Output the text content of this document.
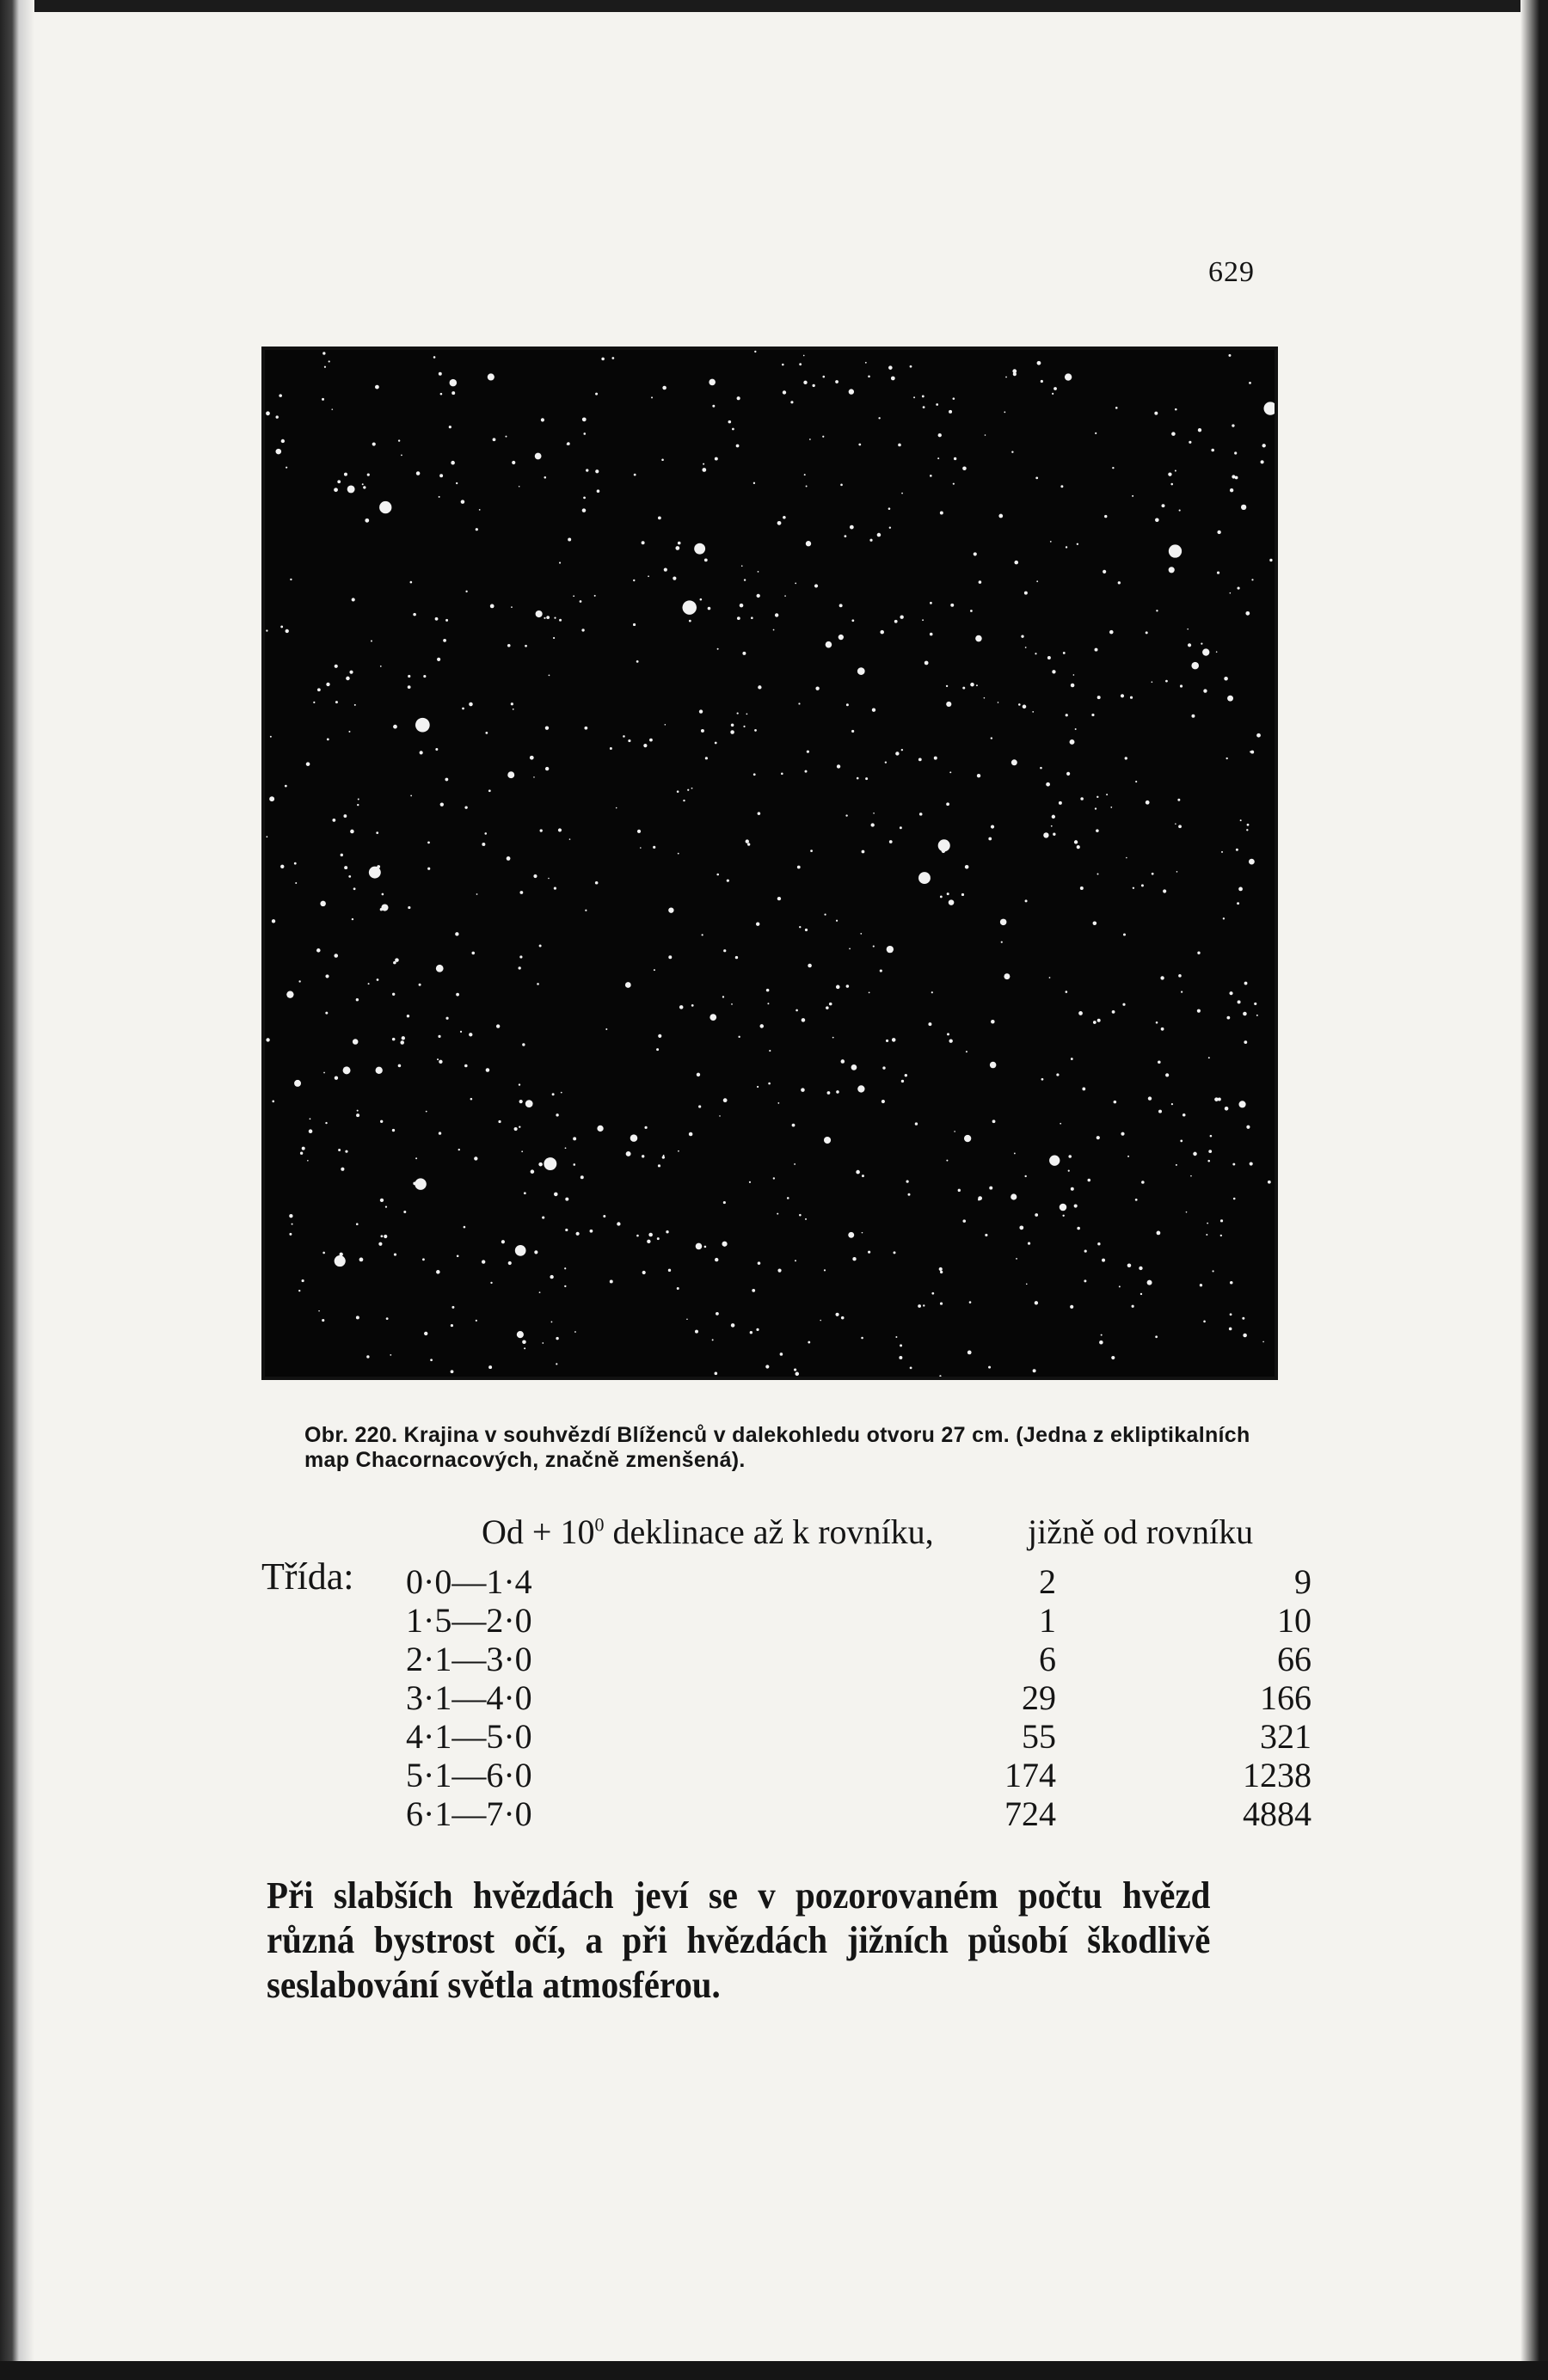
629
Obr. 220. Krajina v souhvězdí Blíženců v dalekohledu otvoru 27 cm. (Jedna z ekliptikalních map Chacornacových, značně zmenšená).
$Od + 10^0$ deklinace až k rovníku,	jižně od rovníku
Třída: 0·0—1·4	2	9
1·5—2·0	1	10
2·1—3·0	6	66
3·1—4·0	29	166
4·1—5·0	55	321
5·1—6·0	174	1238
6·1—7·0	724	4884
Při slabších hvězdách jeví se v pozorovaném počtu hvězd různá bystrost očí, a při hvězdách jižních působí škodlivě seslabování světla atmosférou.
